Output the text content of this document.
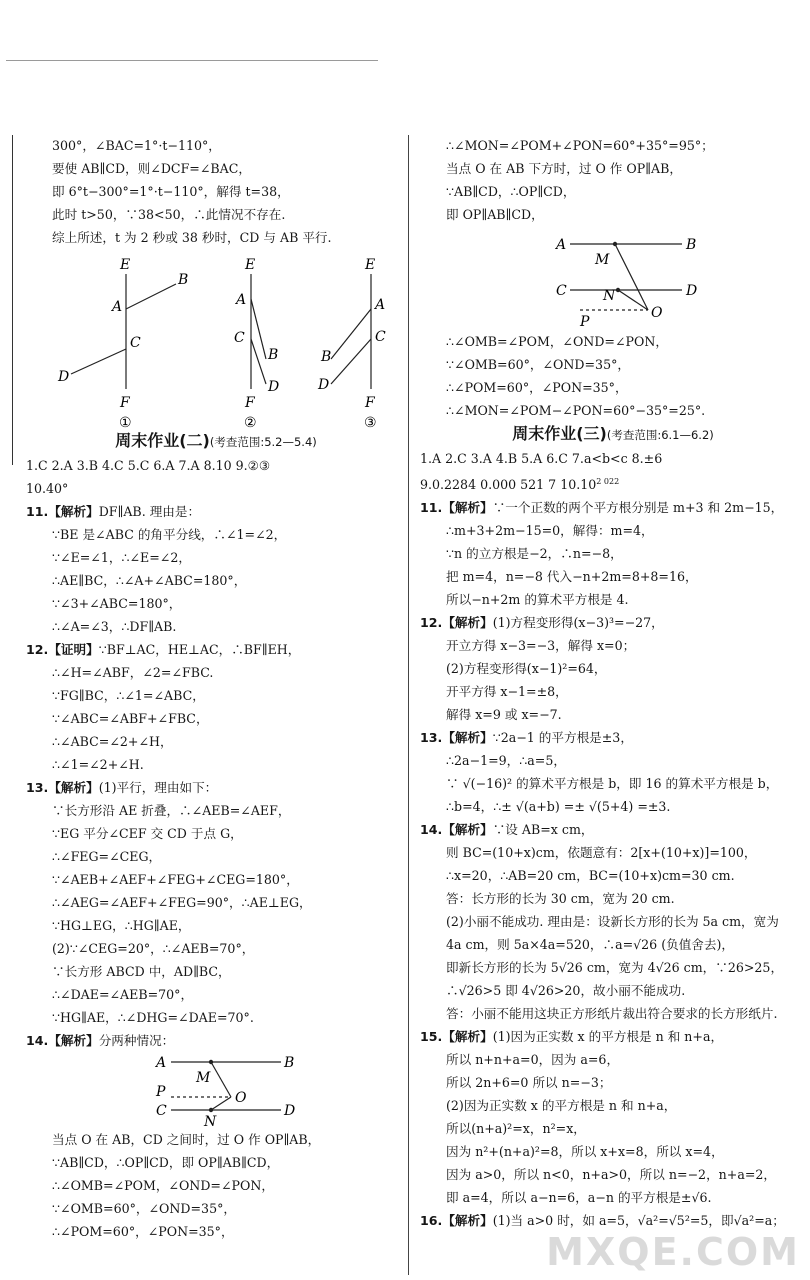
300°，∠BAC=1°·t−110°，

要使 AB∥CD，则∠DCF=∠BAC，

即 6°t−300°=1°·t−110°，解得 t=38，

此时 t>50，∵38<50，∴此情况不存在.

综上所述，t 为 2 秒或 38 秒时，CD 与 AB 平行.

E
A
B
C
D
F
①
E
A
B
C
D
F
②
E
A
B
C
D
F
③

周末作业(二)(考查范围:5.2—5.4)

1.C 2.A 3.B 4.C 5.C 6.A 7.A 8.10 9.②③

10.40°

11.【解析】DF∥AB. 理由是：

∵BE 是∠ABC 的角平分线，∴∠1=∠2，

∵∠E=∠1，∴∠E=∠2，

∴AE∥BC，∴∠A+∠ABC=180°，

∵∠3+∠ABC=180°，

∴∠A=∠3，∴DF∥AB.

12.【证明】∵BF⊥AC，HE⊥AC，∴BF∥EH，

∴∠H=∠ABF，∠2=∠FBC.

∵FG∥BC，∴∠1=∠ABC，

∵∠ABC=∠ABF+∠FBC，

∴∠ABC=∠2+∠H，

∴∠1=∠2+∠H.

13.【解析】(1)平行，理由如下：

∵长方形沿 AE 折叠，∴∠AEB=∠AEF，

∵EG 平分∠CEF 交 CD 于点 G，

∴∠FEG=∠CEG，

∵∠AEB+∠AEF+∠FEG+∠CEG=180°，

∴∠AEG=∠AEF+∠FEG=90°，∴AE⊥EG，

∵HG⊥EG，∴HG∥AE，

(2)∵∠CEG=20°，∴∠AEB=70°，

∵长方形 ABCD 中，AD∥BC，

∴∠DAE=∠AEB=70°，

∵HG∥AE，∴∠DHG=∠DAE=70°.

14.【解析】分两种情况：

A	B
M
P
C
O
N
D

当点 O 在 AB，CD 之间时，过 O 作 OP∥AB，

∵AB∥CD，∴OP∥CD，即 OP∥AB∥CD，

∴∠OMB=∠POM，∠OND=∠PON，

∵∠OMB=60°，∠OND=35°，

∴∠POM=60°，∠PON=35°，

∴∠MON=∠POM+∠PON=60°+35°=95°；

当点 O 在 AB 下方时，过 O 作 OP∥AB，

∵AB∥CD，∴OP∥CD，

即 OP∥AB∥CD，

A
M
B
C	N	D
P
O

∴∠OMB=∠POM，∠OND=∠PON，

∵∠OMB=60°，∠OND=35°，

∴∠POM=60°，∠PON=35°，

∴∠MON=∠POM−∠PON=60°−35°=25°.

周末作业(三)(考查范围:6.1—6.2)

1.A 2.C 3.A 4.B 5.A 6.C 7.a<b<c 8.±6

9.0.2284 0.000 521 7 $10.10^{2 022}$

11.【解析】∵一个正数的两个平方根分别是 m+3 和 2m−15，

∴m+3+2m−15=0，解得：m=4，

∵n 的立方根是−2，∴n=−8，

把 m=4，n=−8 代入−n+2m=8+8=16，

所以−n+2m 的算术平方根是 4.

12.【解析】(1)方程变形得(x−3)³=−27，

开立方得 x−3=−3，解得 x=0；

(2)方程变形得(x−1)²=64，

开平方得 x−1=±8，

解得 x=9 或 x=−7.

13.【解析】∵2a−1 的平方根是±3，

∴2a−1=9，∴a=5，

∵ √(−16)² 的算术平方根是 b，即 16 的算术平方根是 b，

∴b=4，∴± √(a+b) =± √(5+4) =±3.

14.【解析】∵设 AB=x cm，

则 BC=(10+x)cm，依题意有：2[x+(10+x)]=100，

∴x=20，∴AB=20 cm，BC=(10+x)cm=30 cm.

答：长方形的长为 30 cm，宽为 20 cm.

(2)小丽不能成功. 理由是：设新长方形的长为 5a cm，宽为

4a cm，则 5a×4a=520，∴a=√26 (负值舍去)，

即新长方形的长为 5√26 cm，宽为 4√26 cm，∵26>25，

∴√26>5 即 4√26>20，故小丽不能成功.

答：小丽不能用这块正方形纸片裁出符合要求的长方形纸片.

15.【解析】(1)因为正实数 x 的平方根是 n 和 n+a，

所以 n+n+a=0，因为 a=6，

所以 2n+6=0 所以 n=−3；

(2)因为正实数 x 的平方根是 n 和 n+a，

所以(n+a)²=x，n²=x，

因为 n²+(n+a)²=8，所以 x+x=8，所以 x=4，

因为 a>0，所以 n<0，n+a>0，所以 n=−2，n+a=2，

即 a=4，所以 a−n=6，a−n 的平方根是±√6.

16.【解析】(1)当 a>0 时，如 a=5，√a²=√5²=5，即√a²=a；

MXQE.COM
